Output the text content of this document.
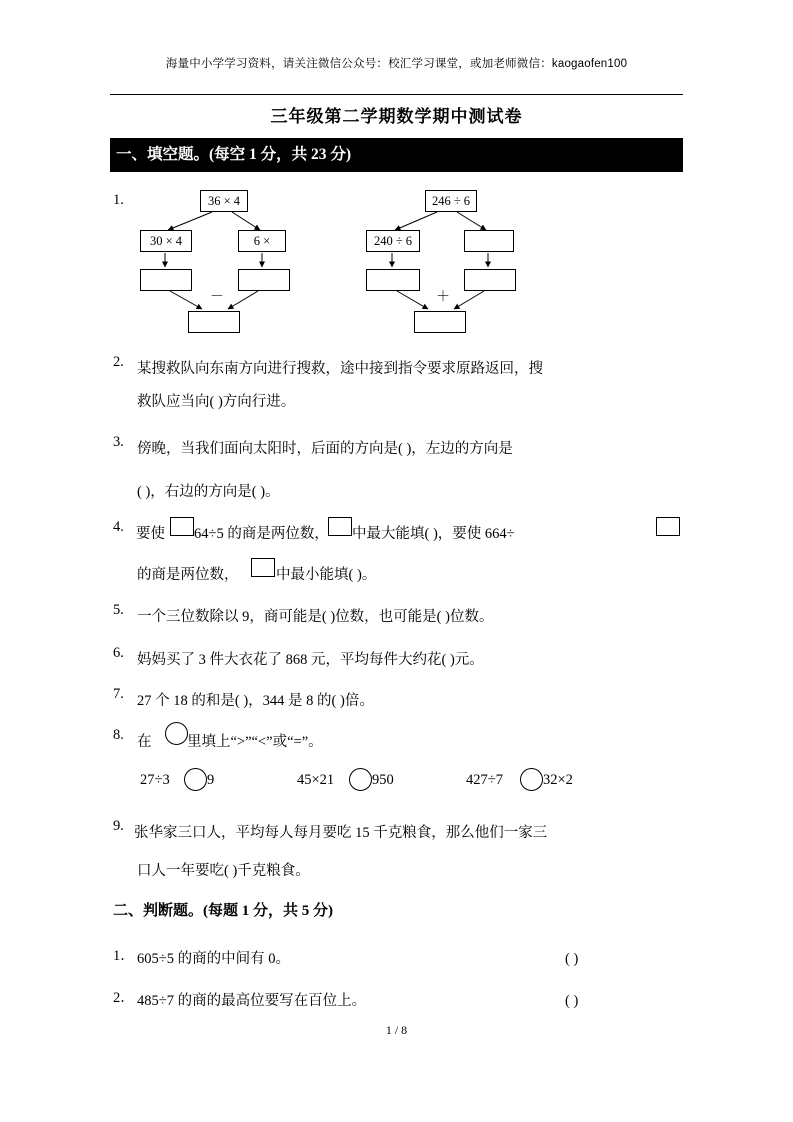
海量中小学学习资料，请关注微信公众号：校汇学习课堂，或加老师微信：kaogaofen100
三年级第二学期数学期中测试卷
一、填空题。(每空 1 分，共 23 分)
1.	36 × 4
30 × 4	6 ×
－
246 ÷ 6
240 ÷ 6
＋
2. 某搜救队向东南方向进行搜救，途中接到指令要求原路返回，搜
救队应当向( )方向行进。
3. 傍晚，当我们面向太阳时，后面的方向是( )，左边的方向是
( )，右边的方向是( )。
4. 要使 64÷5 的商是两位数， 中最大能填( )，要使 664÷
的商是两位数，	中最小能填( )。
5. 一个三位数除以 9，商可能是( )位数，也可能是( )位数。
6. 妈妈买了 3 件大衣花了 868 元，平均每件大约花( )元。
7. 27 个 18 的和是( )，344 是 8 的( )倍。
8. 在 里填上“>”“<”或“=”。
27÷3	9	45×21	950	427÷7	32×2
9. 张华家三口人，平均每人每月要吃 15 千克粮食，那么他们一家三
口人一年要吃( )千克粮食。
二、判断题。(每题 1 分，共 5 分)
1． 605÷5 的商的中间有 0。	( )
2． 485÷7 的商的最高位要写在百位上。	( )
1 / 8
